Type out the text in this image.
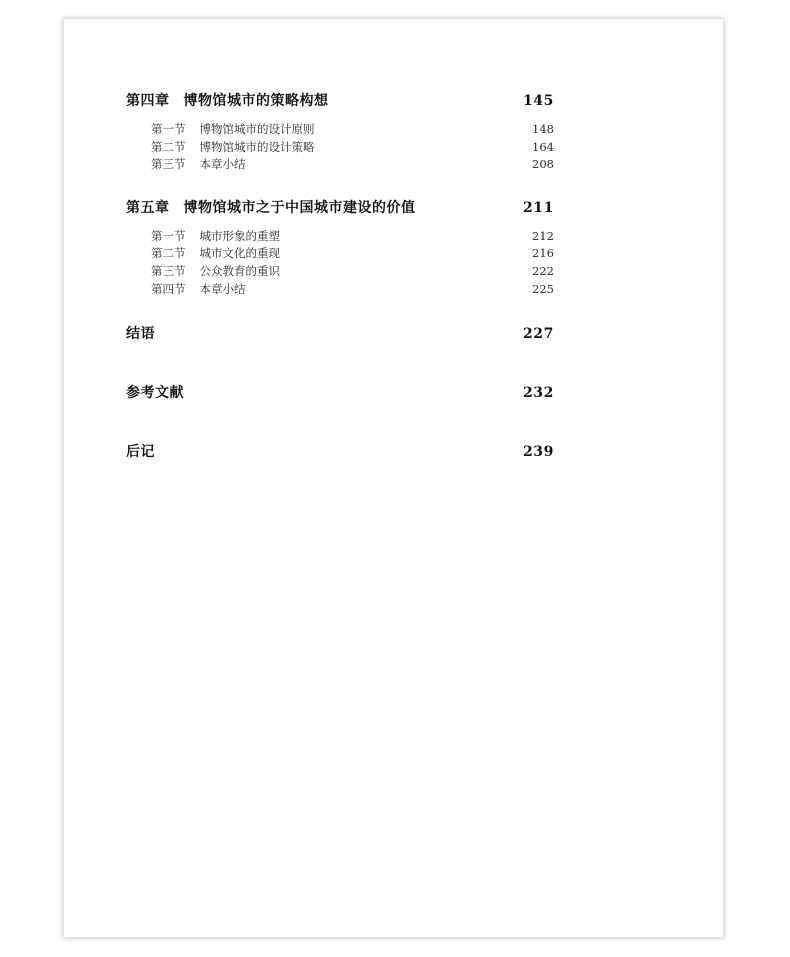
第四章 博物馆城市的策略构想	145
第一节 博物馆城市的设计原则	148
第二节 博物馆城市的设计策略	164
第三节 本章小结	208
第五章 博物馆城市之于中国城市建设的价值	211
第一节 城市形象的重塑	212
第二节 城市文化的重现	216
第三节 公众教育的重识	222
第四节 本章小结	225
结语	227
参考文献	232
后记	239
